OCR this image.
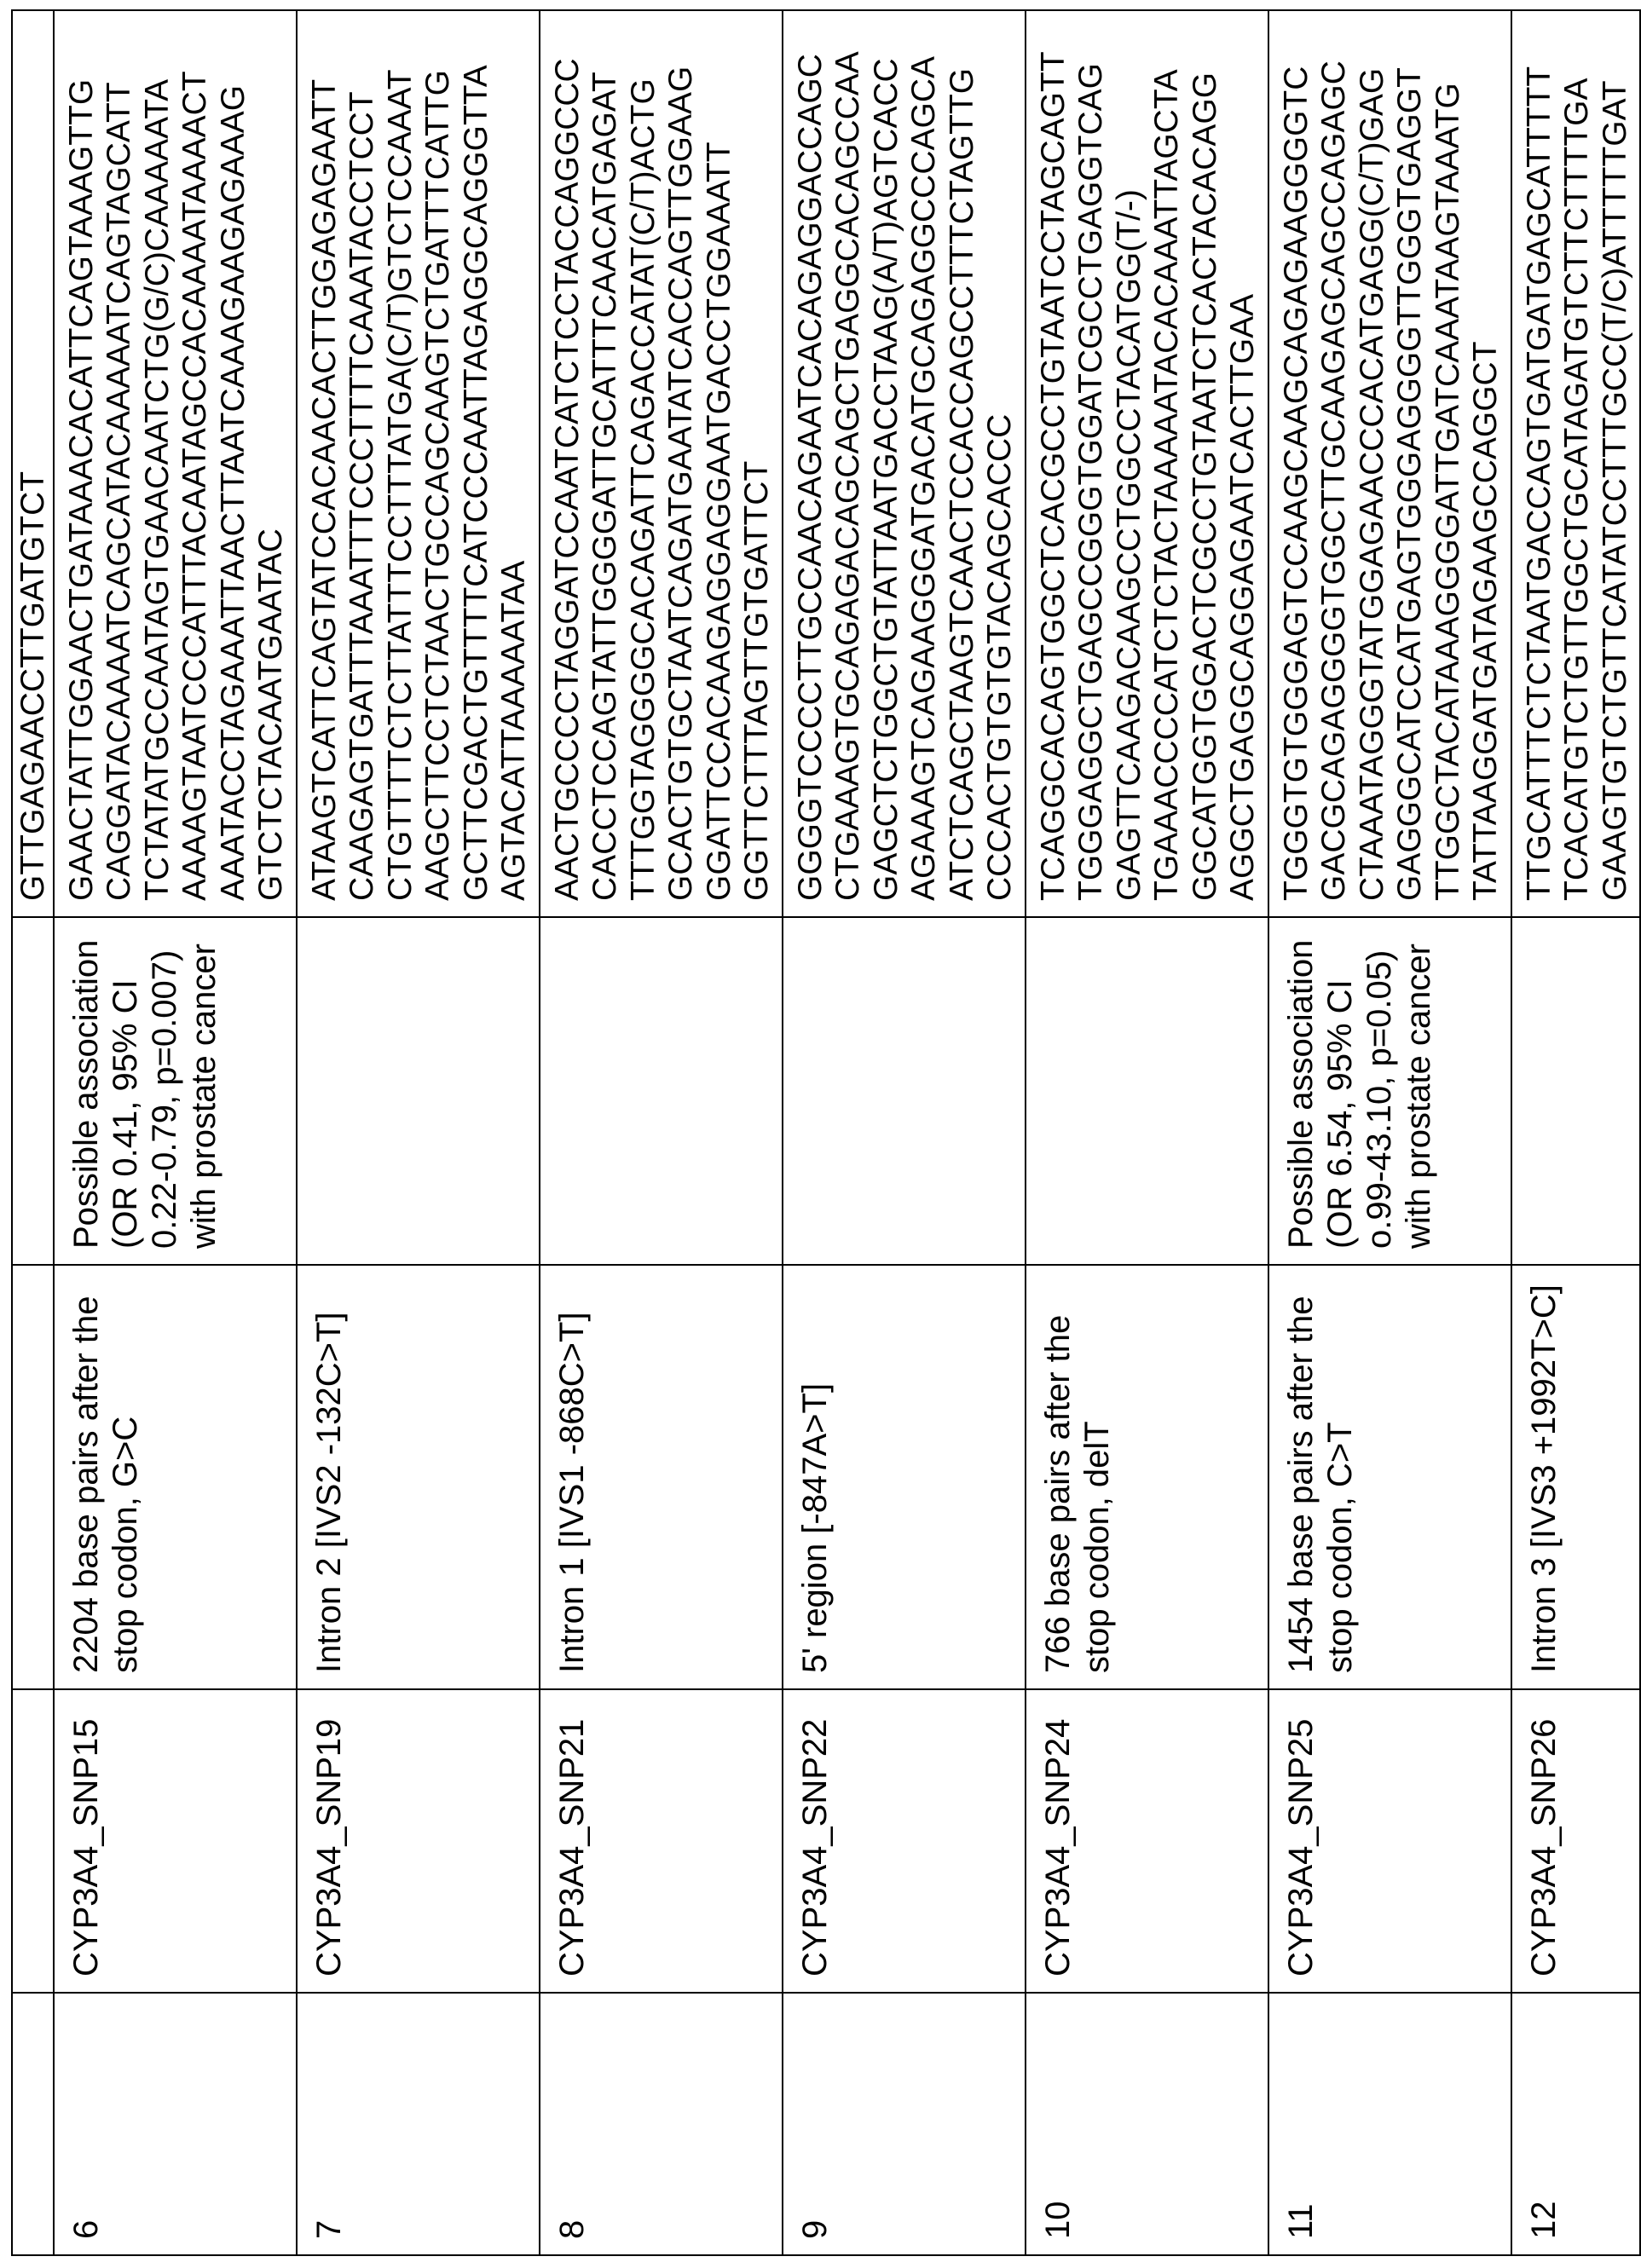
				GTTGAGAACCTTGATGTCT
6	CYP3A4_SNP15	2204 base pairs after the
stop codon, G>C	Possible association
(OR 0.41, 95% CI
0.22-0.79, p=0.007)
with prostate cancer	GAACTATTGGAACTGATAAACACATTCAGTAAAGTTG
CAGGATACAAAATCAGCATACAAAAATCAGTAGCATT
TCTATATGCCAATAGTGAACAATCTG(G/C)CAAAAATA
AAAAGTAATCCCATTTACAATAGCCACAAAATAAAACT
AAATACCTAGAAATTAACTTAATCAAAGAAGAGAAAG
GTCTCTACAATGAATAC
7	CYP3A4_SNP19	Intron 2 [IVS2 -132C>T]		ATAAGTCATTCAGTATCCACAACACTTGGAGAGAATT
CAAGAGTGATTTAAATTTCCCTTTTCAAATACCTCCT
CTGTTTTCTCTTATTTCCTTTATGA(C/T)GTCTCCAAAT
AAGCTTCCTCTAACTGCCAGCAAGTCTGATTTCATTG
GCTTCGACTGTTTTCATCCCAATTAGAGGCAGGGTTA
AGTACATTAAAAATAA
8	CYP3A4_SNP21	Intron 1 [IVS1 -868C>T]		AACTGCCCCTAGGATCCAATCATCTCCTACCAGGCCC
CACCTCCAGTATTGGGGATTGCATTTCAACATGAGAT
TTTGGTAGGGGCACAGATTCAGACCATAT(C/T)ACTG
GCACTGTGCTAATCAGATGAATATCACCAGTTGGAAG
GGATTCCACAAGAGGAGGAATGACCTGGAAATT
GGTTCTTTAGTTGTGATTCT
9	CYP3A4_SNP22	5' region [-847A>T]		GGGGTCCCCTTGCCAACAGAATCACAGAGGACCAGC
CTGAAAGTGCAGAGACAGCAGCTGAGGCACAGCCAA
GAGCTCTGGCTGTATTAATGACCTAAG(A/T)AGTCACC
AGAAAGTCAGAAGGGATGACATGCAGAGGCCCAGCA
ATCTCAGCTAAGTCAACTCCACCAGCCTTTCTAGTTG
CCCACTGTGTGTACAGCACCC
10	CYP3A4_SNP24	766 base pairs after the
stop codon, delT		TCAGGCACAGTGGCTCACGCCTGTAATCCTAGCAGTT
TGGGAGGCTGAGCCGGGTGGATCGCCTGAGGTCAG
GAGTTCAAGACAAGCCTGGCCTACATGG(T/-)
TGAAACCCCATCTCTACTAAAAATACACAAATTAGCTA
GGCATGGTGGACTCGCCTGTAATCTCACTACACAGG
AGGCTGAGGCAGGAGAATCACTTGAA
11	CYP3A4_SNP25	1454 base pairs after the
stop codon, C>T	Possible association
(OR 6.54, 95% CI
o.99-43.10, p=0.05)
with prostate cancer	TGGGTGTGGGAGTCCAAGCAAGCAGAGAAGGGGTC
GACGCAGAGGGGTGGCTTGCAAGAGCAGCCAGAGC
CTAAATAGGGTATGGAGAACCCACATGAGG(C/T)GAG
GAGGGCATCCATGAGTGGGAGGGGTTGGGTGAGGT
TTGGCTACATAAAGGGGATTGATCAAATAAGTAAATG
TATTAAGGATGATAGAAGCCAGGCT
12	CYP3A4_SNP26	Intron 3 [IVS3 +1992T>C]		TTGCATTTCTCTAATGACCAGTGATGATGAGCATTTTT
TCACATGTCTGTTGGCTGCATAGATGTCTTCTTTTGA
GAAGTGTCTGTTCATATCCTTTGCC(T/C)ATTTTTGAT
